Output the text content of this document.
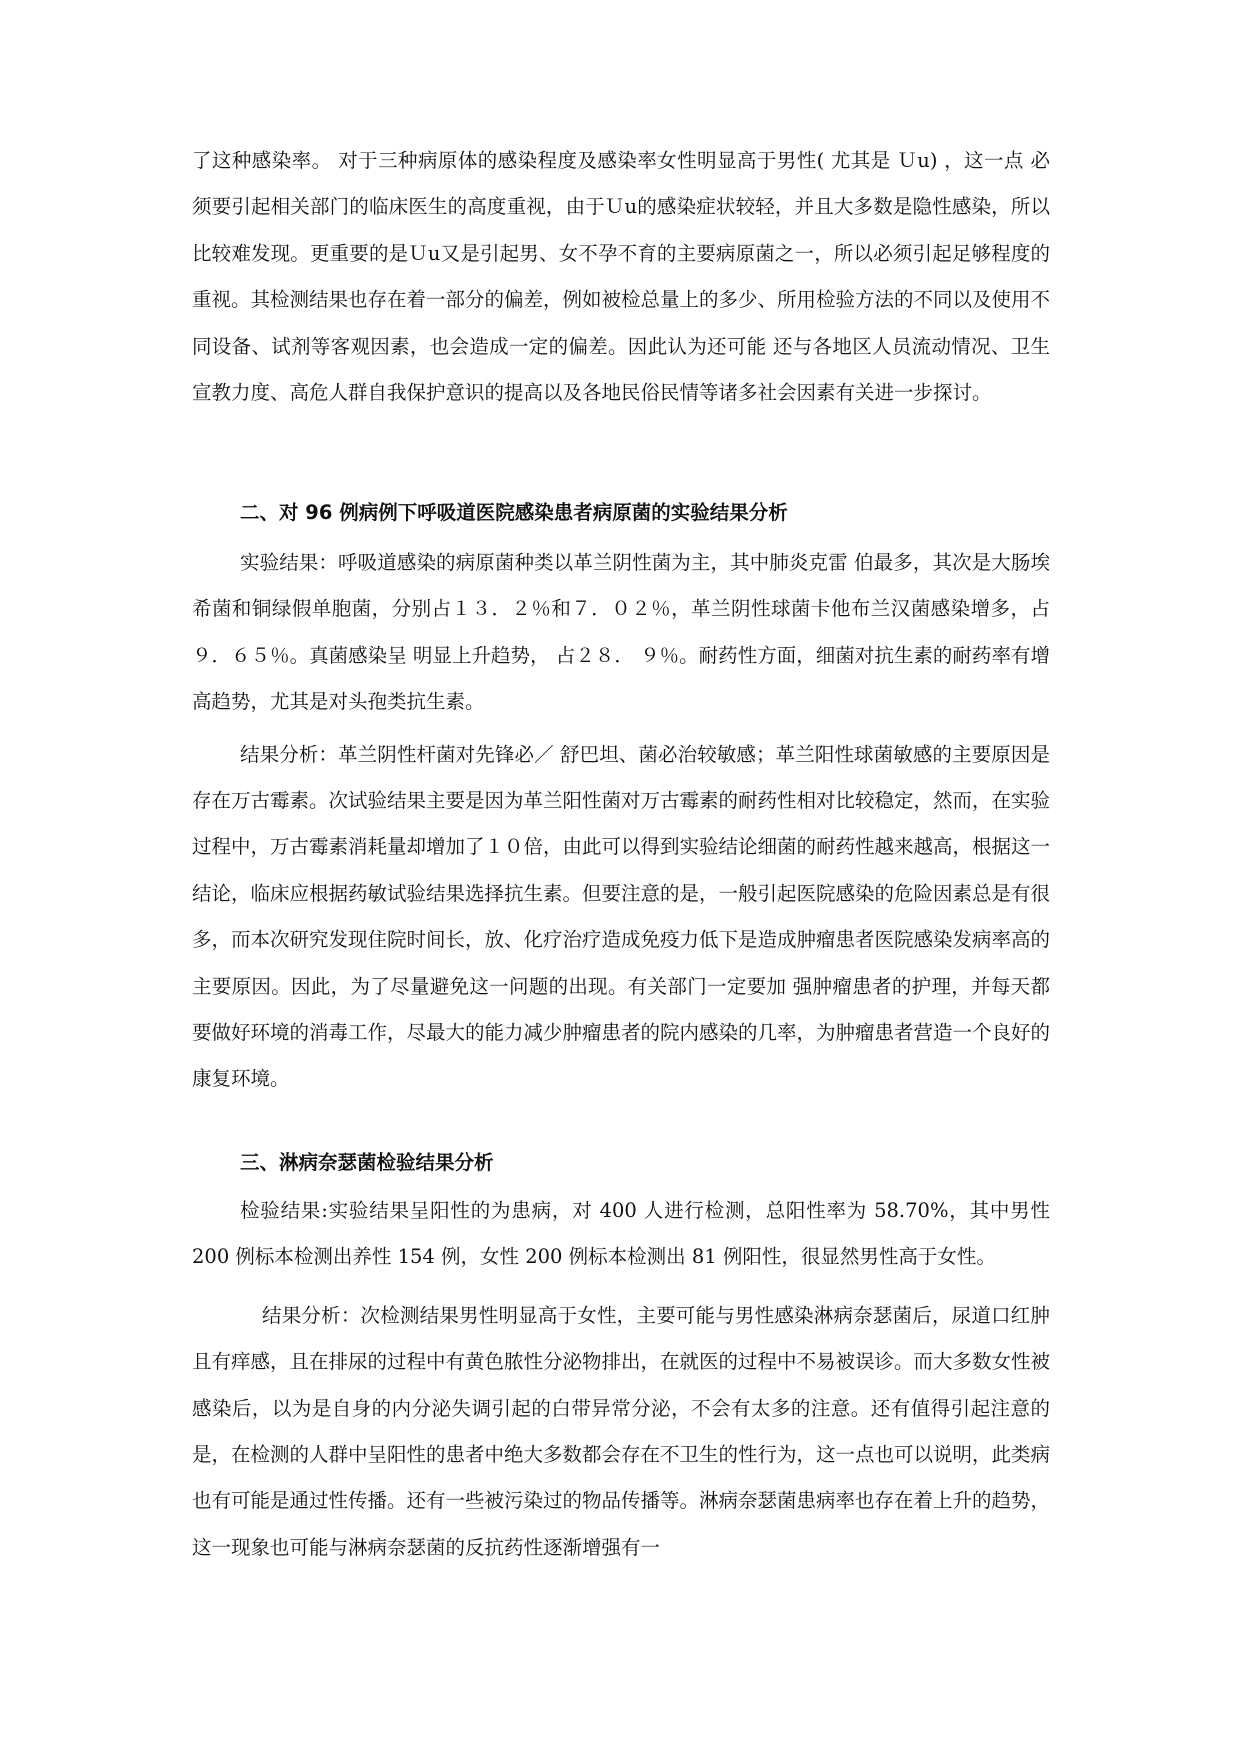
了这种感染率。 对于三种病原体的感染程度及感染率女性明显高于男性( 尤其是 Ｕu) ，这一点 必须要引起相关部门的临床医生的高度重视，由于Ｕu的感染症状较轻，并且大多数是隐性感染，所以比较难发现。更重要的是Ｕu又是引起男、女不孕不育的主要病原菌之一，所以必须引起足够程度的重视。其检测结果也存在着一部分的偏差，例如被检总量上的多少、所用检验方法的不同以及使用不同设备、试剂等客观因素，也会造成一定的偏差。因此认为还可能 还与各地区人员流动情况、卫生宣教力度、高危人群自我保护意识的提高以及各地民俗民情等诸多社会因素有关进一步探讨。

二、对 96 例病例下呼吸道医院感染患者病原菌的实验结果分析

实验结果：呼吸道感染的病原菌种类以革兰阴性菌为主，其中肺炎克雷 伯最多，其次是大肠埃希菌和铜绿假单胞菌，分别占１３．２％和７．０２％，革兰阴性球菌卡他布兰汉菌感染增多，占９．６５％。真菌感染呈 明显上升趋势， 占２８． ９％。耐药性方面，细菌对抗生素的耐药率有增高趋势，尤其是对头孢类抗生素。

结果分析：革兰阴性杆菌对先锋必／ 舒巴坦、菌必治较敏感；革兰阳性球菌敏感的主要原因是存在万古霉素。次试验结果主要是因为革兰阳性菌对万古霉素的耐药性相对比较稳定，然而，在实验过程中，万古霉素消耗量却增加了１０倍，由此可以得到实验结论细菌的耐药性越来越高，根据这一结论，临床应根据药敏试验结果选择抗生素。但要注意的是，一般引起医院感染的危险因素总是有很多，而本次研究发现住院时间长，放、化疗治疗造成免疫力低下是造成肿瘤患者医院感染发病率高的主要原因。因此，为了尽量避免这一问题的出现。有关部门一定要加 强肿瘤患者的护理，并每天都要做好环境的消毒工作，尽最大的能力减少肿瘤患者的院内感染的几率，为肿瘤患者营造一个良好的康复环境。

三、淋病奈瑟菌检验结果分析

检验结果:实验结果呈阳性的为患病，对 400 人进行检测，总阳性率为 58.70%，其中男性 200 例标本检测出养性 154 例，女性 200 例标本检测出 81 例阳性，很显然男性高于女性。

结果分析：次检测结果男性明显高于女性，主要可能与男性感染淋病奈瑟菌后，尿道口红肿且有痒感，且在排尿的过程中有黄色脓性分泌物排出，在就医的过程中不易被误诊。而大多数女性被感染后，以为是自身的内分泌失调引起的白带异常分泌，不会有太多的注意。还有值得引起注意的是，在检测的人群中呈阳性的患者中绝大多数都会存在不卫生的性行为，这一点也可以说明，此类病也有可能是通过性传播。还有一些被污染过的物品传播等。淋病奈瑟菌患病率也存在着上升的趋势，这一现象也可能与淋病奈瑟菌的反抗药性逐渐增强有一
